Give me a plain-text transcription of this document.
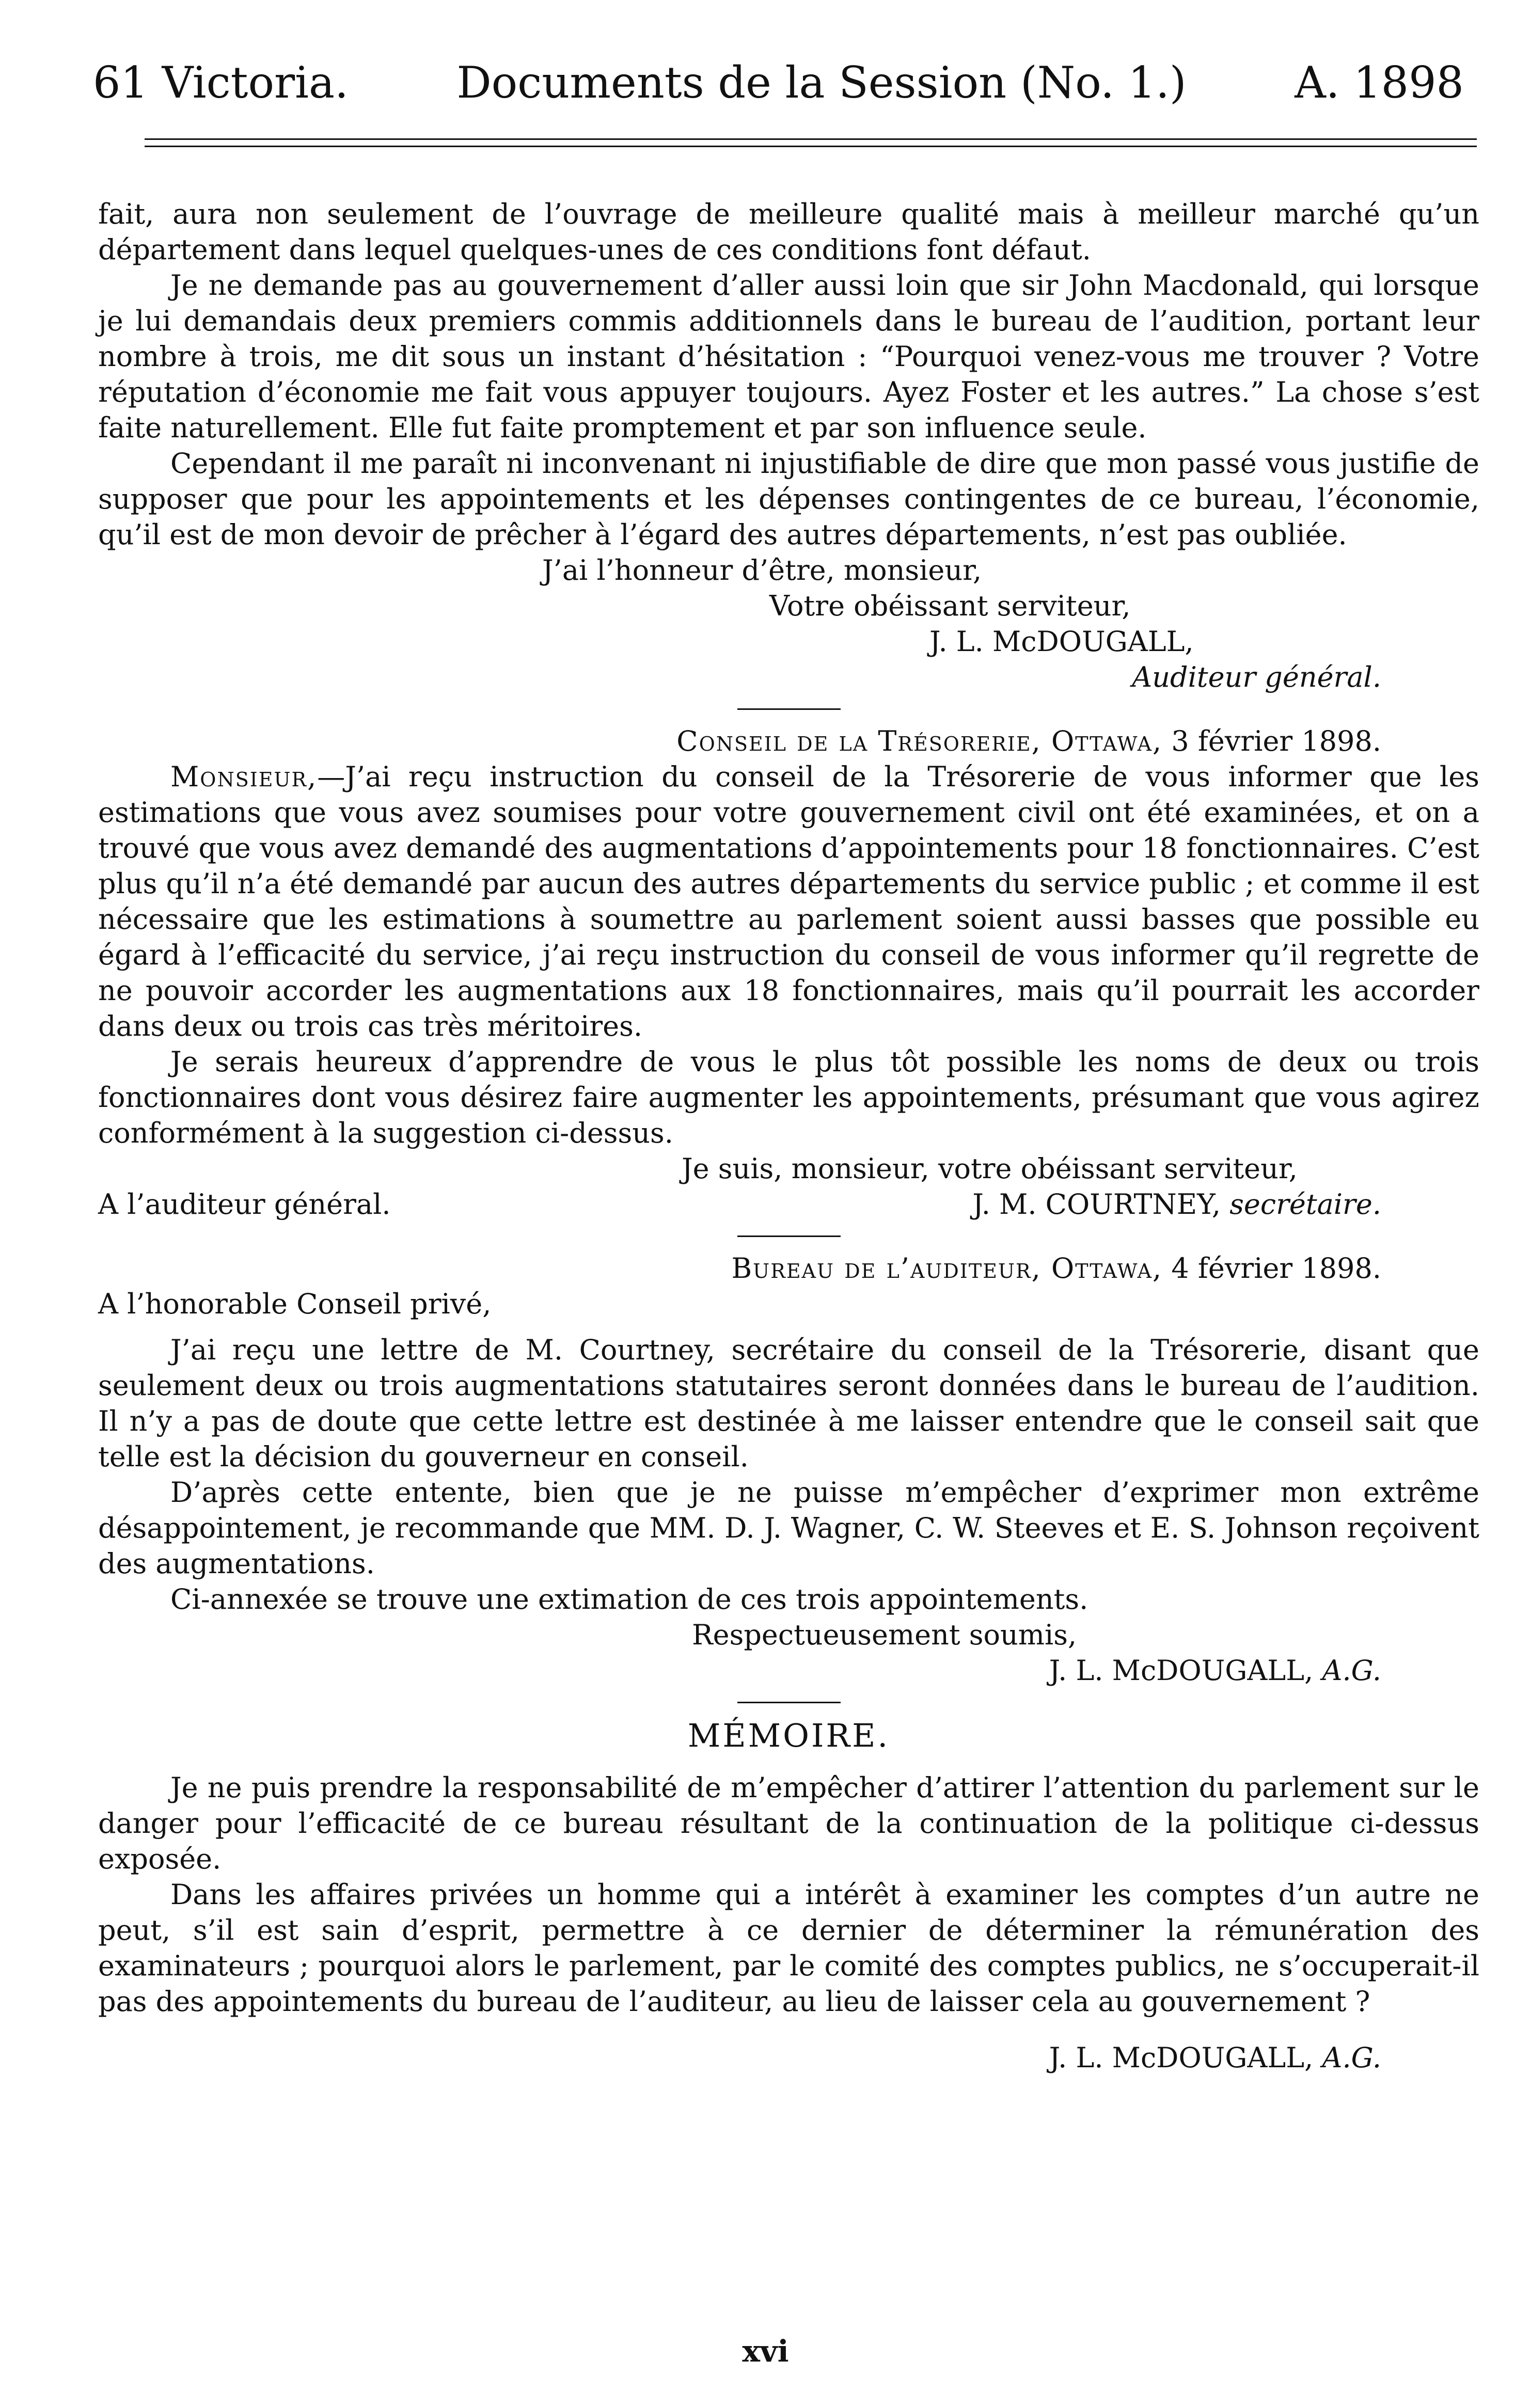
61 Victoria. Documents de la Session (No. 1.) A. 1898

fait, aura non seulement de l’ouvrage de meilleure qualité mais à meilleur marché qu’un département dans lequel quelques-unes de ces conditions font défaut.

Je ne demande pas au gouvernement d’aller aussi loin que sir John Macdonald, qui lorsque je lui demandais deux premiers commis additionnels dans le bureau de l’audition, portant leur nombre à trois, me dit sous un instant d’hésitation : “Pourquoi venez-vous me trouver ? Votre réputation d’économie me fait vous appuyer toujours. Ayez Foster et les autres.” La chose s’est faite naturellement. Elle fut faite promptement et par son influence seule.

Cependant il me paraît ni inconvenant ni injustifiable de dire que mon passé vous justifie de supposer que pour les appointements et les dépenses contingentes de ce bureau, l’économie, qu’il est de mon devoir de prêcher à l’égard des autres départements, n’est pas oubliée.

J’ai l’honneur d’être, monsieur,
Votre obéissant serviteur,
J. L. McDOUGALL,
Auditeur général.
Conseil de la Trésorerie, Ottawa, 3 février 1898.

Monsieur,—J’ai reçu instruction du conseil de la Trésorerie de vous informer que les estimations que vous avez soumises pour votre gouvernement civil ont été examinées, et on a trouvé que vous avez demandé des augmentations d’appointements pour 18 fonctionnaires. C’est plus qu’il n’a été demandé par aucun des autres départements du service public ; et comme il est nécessaire que les estimations à soumettre au parlement soient aussi basses que possible eu égard à l’efficacité du service, j’ai reçu instruction du conseil de vous informer qu’il regrette de ne pouvoir accorder les augmentations aux 18 fonctionnaires, mais qu’il pourrait les accorder dans deux ou trois cas très méritoires.

Je serais heureux d’apprendre de vous le plus tôt possible les noms de deux ou trois fonctionnaires dont vous désirez faire augmenter les appointements, présumant que vous agirez conformément à la suggestion ci-dessus.

Je suis, monsieur, votre obéissant serviteur,
A l’auditeur général.	J. M. COURTNEY, secrétaire.
Bureau de l’auditeur, Ottawa, 4 février 1898.

A l’honorable Conseil privé,

J’ai reçu une lettre de M. Courtney, secrétaire du conseil de la Trésorerie, disant que seulement deux ou trois augmentations statutaires seront données dans le bureau de l’audition. Il n’y a pas de doute que cette lettre est destinée à me laisser entendre que le conseil sait que telle est la décision du gouverneur en conseil.

D’après cette entente, bien que je ne puisse m’empêcher d’exprimer mon extrême désappointement, je recommande que MM. D. J. Wagner, C. W. Steeves et E. S. Johnson reçoivent des augmentations.

Ci-annexée se trouve une extimation de ces trois appointements.

Respectueusement soumis,
J. L. McDOUGALL, A.G.
MÉMOIRE.

Je ne puis prendre la responsabilité de m’empêcher d’attirer l’attention du parlement sur le danger pour l’efficacité de ce bureau résultant de la continuation de la politique ci-dessus exposée.

Dans les affaires privées un homme qui a intérêt à examiner les comptes d’un autre ne peut, s’il est sain d’esprit, permettre à ce dernier de déterminer la rémunération des examinateurs ; pourquoi alors le parlement, par le comité des comptes publics, ne s’occuperait-il pas des appointements du bureau de l’auditeur, au lieu de laisser cela au gouvernement ?

J. L. McDOUGALL, A.G.
xvi
